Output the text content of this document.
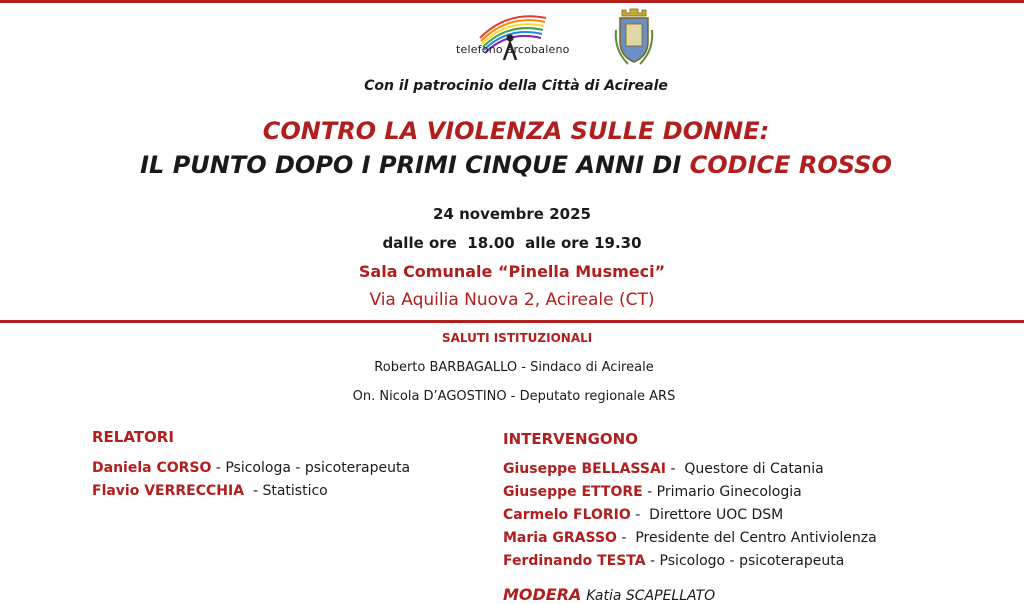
telefono arcobaleno
Con il patrocinio della Città di Acireale
CONTRO LA VIOLENZA SULLE DONNE:
IL PUNTO DOPO I PRIMI CINQUE ANNI DI CODICE ROSSO
24 novembre 2025
dalle ore  18.00  alle ore 19.30
Sala Comunale “Pinella Musmeci”
Via Aquilia Nuova 2, Acireale (CT)
SALUTI ISTITUZIONALI
Roberto BARBAGALLO - Sindaco di Acireale
On. Nicola D’AGOSTINO - Deputato regionale ARS
RELATORI
Daniela CORSO - Psicologa - psicoterapeuta
Flavio VERRECCHIA  - Statistico
INTERVENGONO
Giuseppe BELLASSAI -  Questore di Catania
Giuseppe ETTORE - Primario Ginecologia
Carmelo FLORIO -  Direttore UOC DSM
Maria GRASSO -  Presidente del Centro Antiviolenza
Ferdinando TESTA - Psicologo - psicoterapeuta
MODERA Katia SCAPELLATO
